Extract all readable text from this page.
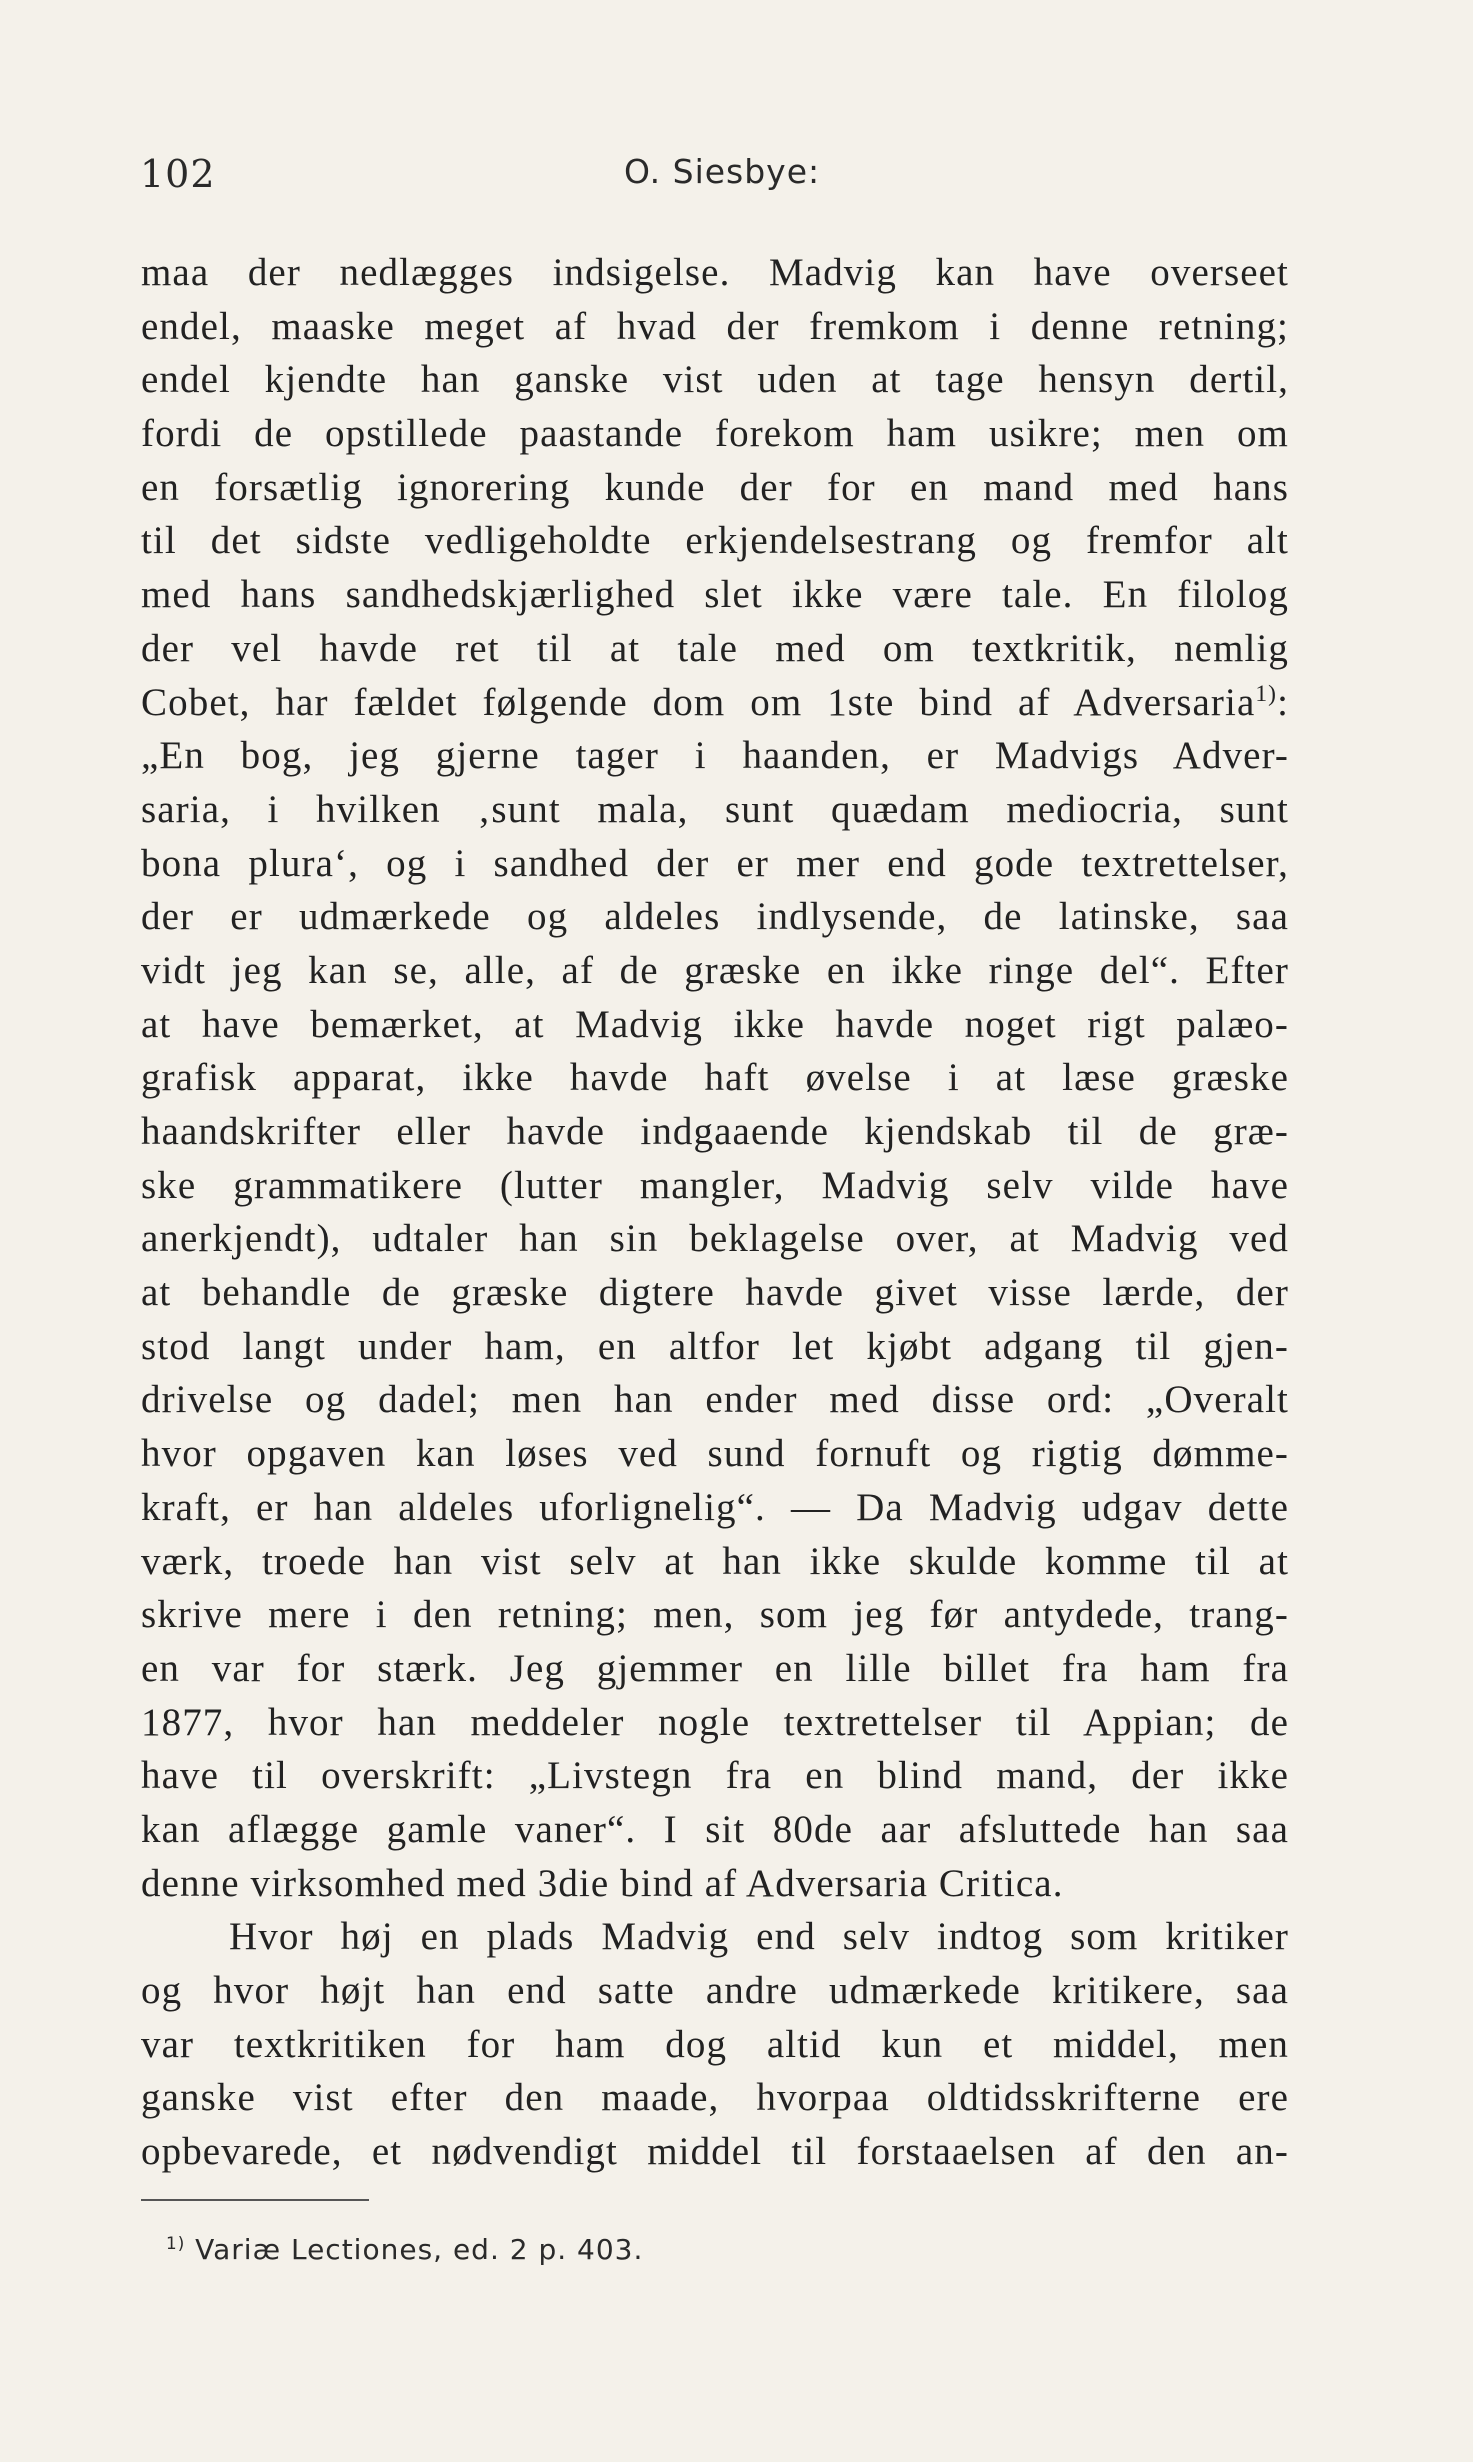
102	O. Siesbye:
maa der nedlægges indsigelse. Madvig kan have overseet
endel, maaske meget af hvad der fremkom i denne retning;
endel kjendte han ganske vist uden at tage hensyn dertil,
fordi de opstillede paastande forekom ham usikre; men om
en forsætlig ignorering kunde der for en mand med hans
til det sidste vedligeholdte erkjendelsestrang og fremfor alt
med hans sandhedskjærlighed slet ikke være tale. En filolog
der vel havde ret til at tale med om textkritik, nemlig
Cobet, har fældet følgende dom om 1ste bind af Adversaria$^{1)}$:
„En bog, jeg gjerne tager i haanden, er Madvigs Adver-
saria, i hvilken ‚sunt mala, sunt quædam mediocria, sunt
bona plura‘, og i sandhed der er mer end gode textrettelser,
der er udmærkede og aldeles indlysende, de latinske, saa
vidt jeg kan se, alle, af de græske en ikke ringe del“. Efter
at have bemærket, at Madvig ikke havde noget rigt palæo-
grafisk apparat, ikke havde haft øvelse i at læse græske
haandskrifter eller havde indgaaende kjendskab til de græ-
ske grammatikere (lutter mangler, Madvig selv vilde have
anerkjendt), udtaler han sin beklagelse over, at Madvig ved
at behandle de græske digtere havde givet visse lærde, der
stod langt under ham, en altfor let kjøbt adgang til gjen-
drivelse og dadel; men han ender med disse ord: „Overalt
hvor opgaven kan løses ved sund fornuft og rigtig dømme-
kraft, er han aldeles uforlignelig“. — Da Madvig udgav dette
værk, troede han vist selv at han ikke skulde komme til at
skrive mere i den retning; men, som jeg før antydede, trang-
en var for stærk. Jeg gjemmer en lille billet fra ham fra
1877, hvor han meddeler nogle textrettelser til Appian; de
have til overskrift: „Livstegn fra en blind mand, der ikke
kan aflægge gamle vaner“. I sit 80de aar afsluttede han saa
denne virksomhed med 3die bind af Adversaria Critica.
Hvor høj en plads Madvig end selv indtog som kritiker
og hvor højt han end satte andre udmærkede kritikere, saa
var textkritiken for ham dog altid kun et middel, men
ganske vist efter den maade, hvorpaa oldtidsskrifterne ere
opbevarede, et nødvendigt middel til forstaaelsen af den an-
$^{1)}$ Variæ Lectiones, ed. 2 p. 403.
